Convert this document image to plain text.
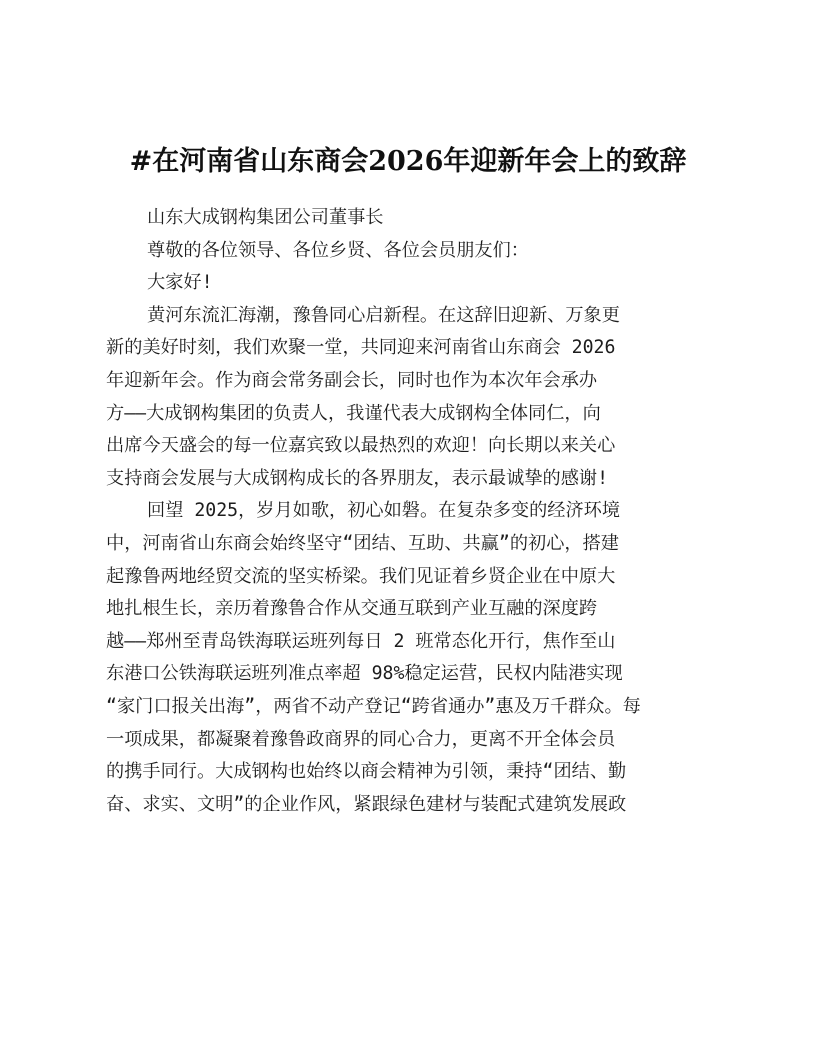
#在河南省山东商会2026年迎新年会上的致辞
山东大成钢构集团公司董事长
尊敬的各位领导、各位乡贤、各位会员朋友们：
大家好!
黄河东流汇海潮，豫鲁同心启新程。在这辞旧迎新、万象更
新的美好时刻，我们欢聚一堂，共同迎来河南省山东商会 2026
年迎新年会。作为商会常务副会长，同时也作为本次年会承办
方——大成钢构集团的负责人，我谨代表大成钢构全体同仁，向
出席今天盛会的每一位嘉宾致以最热烈的欢迎！向长期以来关心
支持商会发展与大成钢构成长的各界朋友，表示最诚挚的感谢!
回望 2025，岁月如歌，初心如磐。在复杂多变的经济环境
中，河南省山东商会始终坚守“团结、互助、共赢”的初心，搭建
起豫鲁两地经贸交流的坚实桥梁。我们见证着乡贤企业在中原大
地扎根生长，亲历着豫鲁合作从交通互联到产业互融的深度跨
越——郑州至青岛铁海联运班列每日 2 班常态化开行，焦作至山
东港口公铁海联运班列准点率超 98%稳定运营，民权内陆港实现
“家门口报关出海”，两省不动产登记“跨省通办”惠及万千群众。每
一项成果，都凝聚着豫鲁政商界的同心合力，更离不开全体会员
的携手同行。大成钢构也始终以商会精神为引领，秉持“团结、勤
奋、求实、文明”的企业作风，紧跟绿色建材与装配式建筑发展政
